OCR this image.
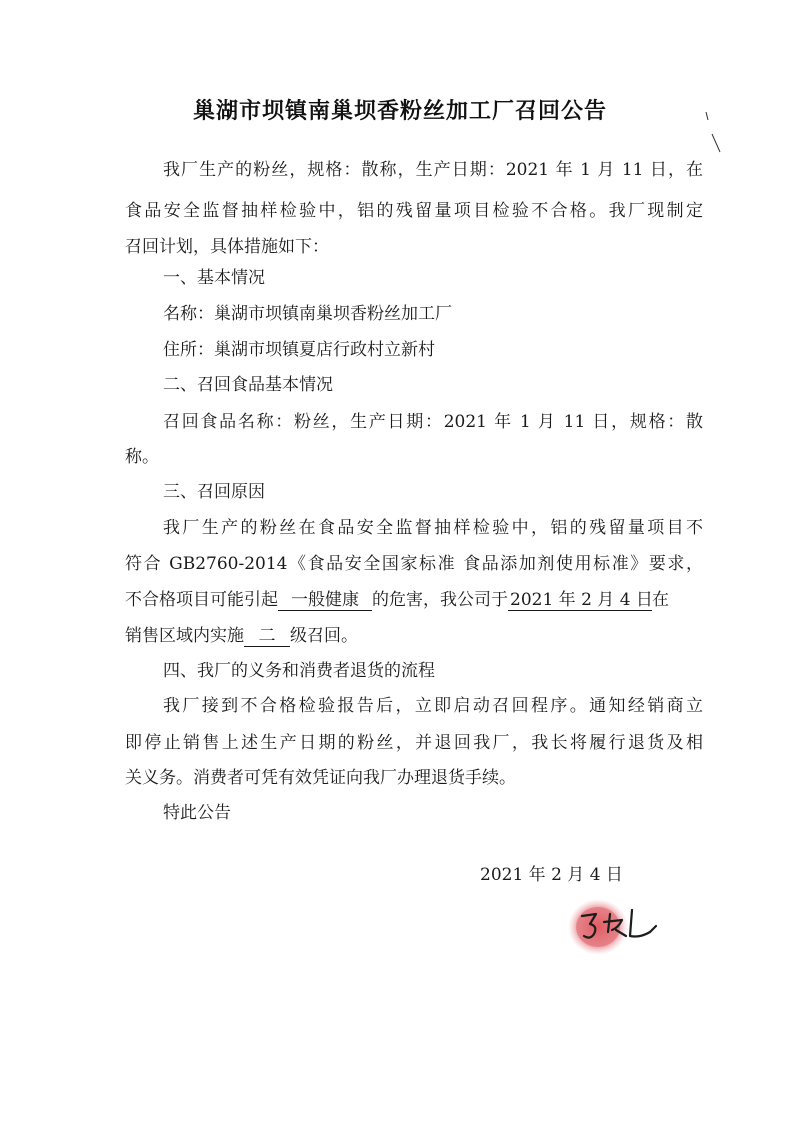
巢湖市坝镇南巢坝香粉丝加工厂召回公告
我厂生产的粉丝，规格：散称，生产日期：2021 年 1 月 11 日，在
食品安全监督抽样检验中，铝的残留量项目检验不合格。我厂现制定
召回计划，具体措施如下：
一、基本情况
名称：巢湖市坝镇南巢坝香粉丝加工厂
住所：巢湖市坝镇夏店行政村立新村
二、召回食品基本情况
召回食品名称：粉丝，生产日期：2021 年 1 月 11 日，规格：散
称。
三、召回原因
我厂生产的粉丝在食品安全监督抽样检验中，铝的残留量项目不
符合 GB2760-2014《食品安全国家标准 食品添加剂使用标准》要求，
不合格项目可能引起 一般健康 的危害，我公司于 2021 年 2 月 4 日在
销售区域内实施 二 级召回。
四、我厂的义务和消费者退货的流程
我厂接到不合格检验报告后，立即启动召回程序。通知经销商立
即停止销售上述生产日期的粉丝，并退回我厂，我长将履行退货及相
关义务。消费者可凭有效凭证向我厂办理退货手续。
特此公告
2021 年 2 月 4 日
